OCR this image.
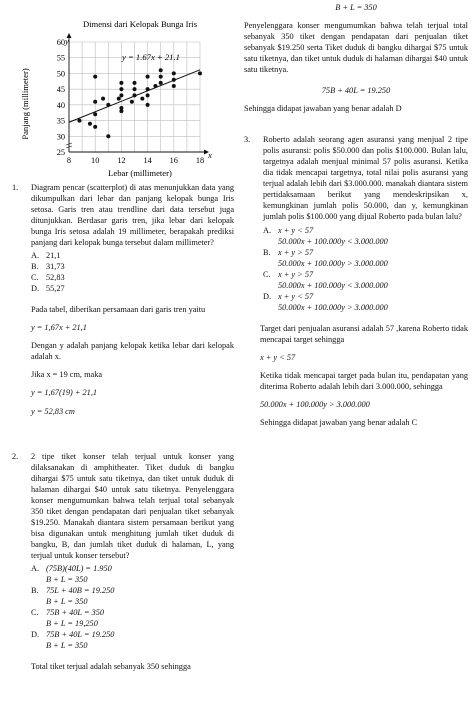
25
30
35
40
45
50
55
60
8 10 12 14 16 18
Dimensi dari Kelopak Bunga Iris
y = 1.67x + 21.1
Lebar (millimeter)
Panjang (millimeter)
x
y
1. Diagram pencar (scatterplot) di atas menunjukkan data yang dikumpulkan dari lebar dan panjang kelopak bunga Iris setosa. Garis tren atau trendline dari data tersebut juga ditunjukkan. Berdasar garis tren, jika lebar dari kelopak bunga Iris setosa adalah 19 millimeter, berapakah prediksi panjang dari kelopak bunga tersebut dalam millimeter?

A. 21,1
B. 31,73
C. 52,83
D. 55,27

Pada tabel, diberikan persamaan dari garis tren yaitu

y = 1,67x + 21,1

Dengan y adalah panjang kelopak ketika lebar dari kelopak adalah x.

Jika x = 19 cm, maka

y = 1,67(19) + 21,1

y = 52,83 cm

2. 2 tipe tiket konser telah terjual untuk konser yang dilaksanakan di amphitheater. Tiket duduk di bangku dihargai $75 untuk satu tiketnya, dan tiket untuk duduk di halaman dihargai $40 untuk satu tiketnya. Penyelenggara konser mengumumkan bahwa telah terjual total sebanyak 350 tiket dengan pendapatan dari penjualan tiket sebanyak $19.250. Manakah diantara sistem persamaan berikut yang bisa digunakan untuk menghitung jumlah tiket duduk di bangku, B, dan jumlah tiket duduk di halaman, L, yang terjual untuk konser tersebut?

A. (75B)(40L) = 1.950
B + L = 350
B. 75L + 40B = 19.250
B + L = 350
C. 75B + 40L = 350
B + L = 19,250
D. 75B + 40L = 19.250
B + L = 350

Total tiket terjual adalah sebanyak 350 sehingga

B + L = 350

Penyelenggara konser mengumumkan bahwa telah terjual total sebanyak 350 tiket dengan pendapatan dari penjualan tiket sebanyak $19.250 serta Tiket duduk di bangku dihargai $75 untuk satu tiketnya, dan tiket untuk duduk di halaman dihargai $40 untuk satu tiketnya.

75B + 40L = 19.250

Sehingga didapat jawaban yang benar adalah D

3. Roberto adalah seorang agen asuransi yang menjual 2 tipe polis asuransi: polis $50.000 dan polis $100.000. Bulan lalu, targetnya adalah menjual minimal 57 polis asuransi. Ketika dia tidak mencapai targetnya, total nilai polis asuransi yang terjual adalah lebih dari $3.000.000. manakah diantara sistem pertidaksamaan berikut yang mendeskripsikan x, kemungkinan jumlah polis 50.000, dan y, kemungkinan jumlah polis $100.000 yang dijual Roberto pada bulan lalu?

A. x + y < 57
50.000x + 100.000y < 3.000.000
B. x + y > 57
50.000x + 100.000y > 3.000.000
C. x + y > 57
50.000x + 100.000y < 3.000.000
D. x + y < 57
50.000x + 100.000y > 3.000.000

Target dari penjualan asuransi adalah 57 ,karena Roberto tidak mencapai target sehingga

x + y < 57

Ketika tidak mencapai target pada bulan itu, pendapatan yang diterima Roberto adalah lebih dari 3.000.000, sehingga

50.000x + 100.000y > 3.000.000

Sehingga didapat jawaban yang benar adalah C
